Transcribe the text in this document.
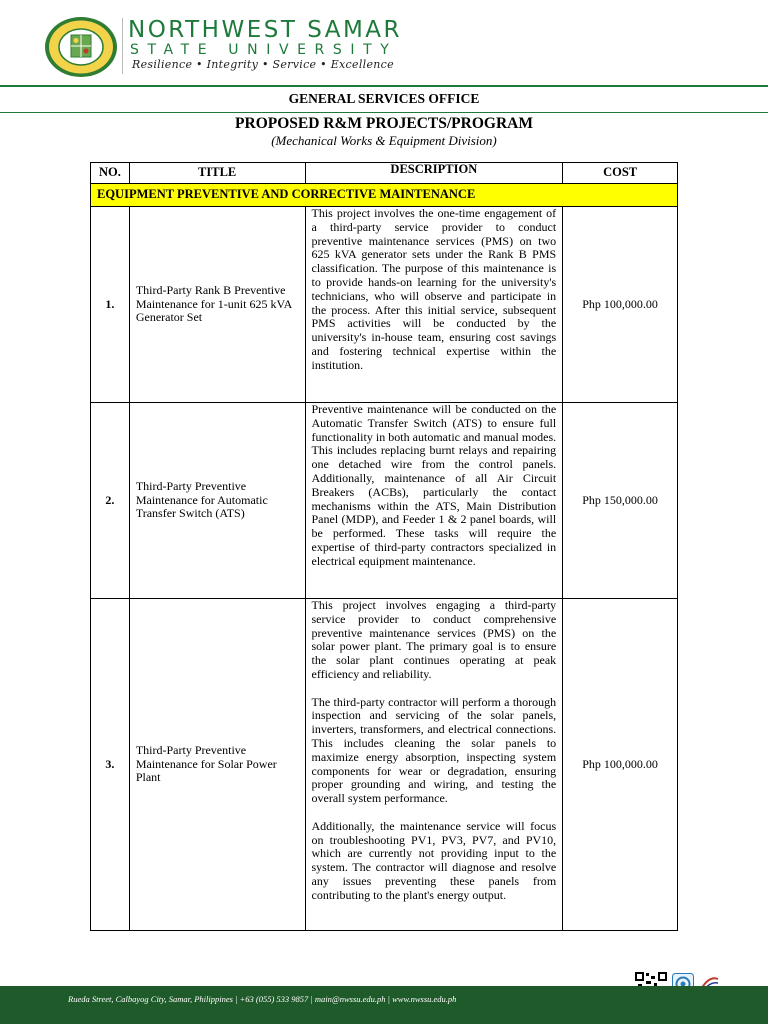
NORTHWEST SAMAR
STATE UNIVERSITY
Resilience • Integrity • Service • Excellence
GENERAL SERVICES OFFICE
PROPOSED R&M PROJECTS/PROGRAM
(Mechanical Works & Equipment Division)
NO.	TITLE	DESCRIPTION	COST
EQUIPMENT PREVENTIVE AND CORRECTIVE MAINTENANCE			
1.	Third-Party Rank B Preventive Maintenance for 1-unit 625 kVA Generator Set	This project involves the one-time engagement of a third-party service provider to conduct preventive maintenance services (PMS) on two 625 kVA generator sets under the Rank B PMS classification. The purpose of this maintenance is to provide hands-on learning for the university's technicians, who will observe and participate in the process. After this initial service, subsequent PMS activities will be conducted by the university's in-house team, ensuring cost savings and fostering technical expertise within the institution.	Php 100,000.00
2.	Third-Party Preventive Maintenance for Automatic Transfer Switch (ATS)	Preventive maintenance will be conducted on the Automatic Transfer Switch (ATS) to ensure full functionality in both automatic and manual modes. This includes replacing burnt relays and repairing one detached wire from the control panels. Additionally, maintenance of all Air Circuit Breakers (ACBs), particularly the contact mechanisms within the ATS, Main Distribution Panel (MDP), and Feeder 1 & 2 panel boards, will be performed. These tasks will require the expertise of third-party contractors specialized in electrical equipment maintenance.	Php 150,000.00
3.	Third-Party Preventive Maintenance for Solar Power Plant	This project involves engaging a third-party service provider to conduct comprehensive preventive maintenance services (PMS) on the solar power plant. The primary goal is to ensure the solar plant continues operating at peak efficiency and reliability.

The third-party contractor will perform a thorough inspection and servicing of the solar panels, inverters, transformers, and electrical connections. This includes cleaning the solar panels to maximize energy absorption, inspecting system components for wear or degradation, ensuring proper grounding and wiring, and testing the overall system performance.

Additionally, the maintenance service will focus on troubleshooting PV1, PV3, PV7, and PV10, which are currently not providing input to the system. The contractor will diagnose and resolve any issues preventing these panels from contributing to the plant's energy output.	Php 100,000.00
Rueda Street, Calbayog City, Samar, Philippines | +63 (055) 533 9857 | main@nwssu.edu.ph | www.nwssu.edu.ph
